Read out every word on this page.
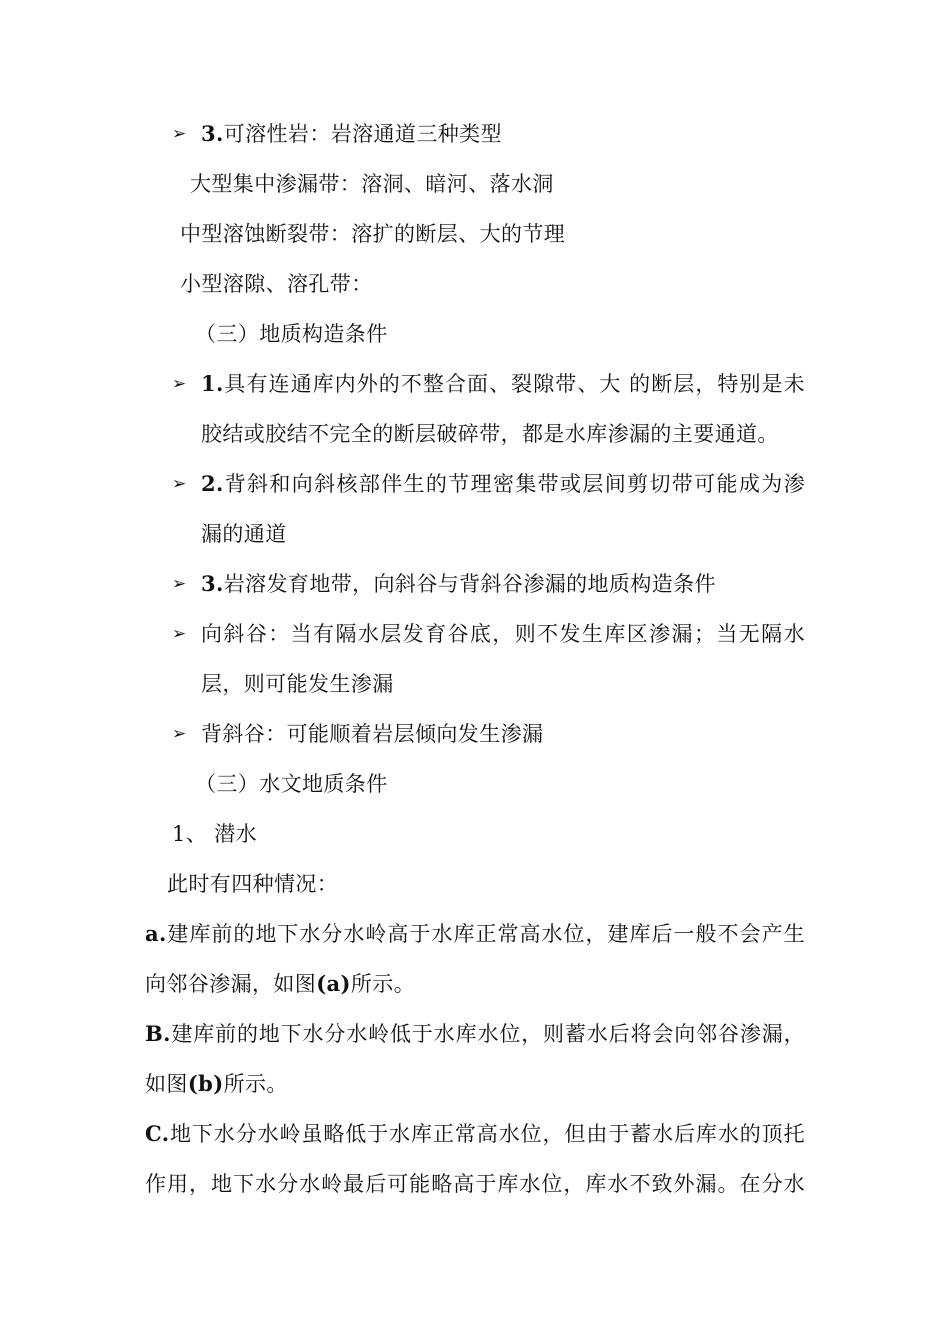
➢ 3.可溶性岩：岩溶通道三种类型
大型集中渗漏带：溶洞、暗河、落水洞
中型溶蚀断裂带：溶扩的断层、大的节理
小型溶隙、溶孔带：
（三）地质构造条件
➢ 1.具有连通库内外的不整合面、裂隙带、大 的断层，特别是未
胶结或胶结不完全的断层破碎带，都是水库渗漏的主要通道。
➢ 2.背斜和向斜核部伴生的节理密集带或层间剪切带可能成为渗
漏的通道
➢ 3.岩溶发育地带，向斜谷与背斜谷渗漏的地质构造条件
➢ 向斜谷：当有隔水层发育谷底，则不发生库区渗漏；当无隔水
层，则可能发生渗漏
➢ 背斜谷：可能顺着岩层倾向发生渗漏
（三）水文地质条件
1、 潜水
此时有四种情况：
a.建库前的地下水分水岭高于水库正常高水位，建库后一般不会产生
向邻谷渗漏，如图(a)所示。
B.建库前的地下水分水岭低于水库水位，则蓄水后将会向邻谷渗漏，
如图(b)所示。
C.地下水分水岭虽略低于水库正常高水位，但由于蓄水后库水的顶托
作用，地下水分水岭最后可能略高于库水位，库水不致外漏。在分水
